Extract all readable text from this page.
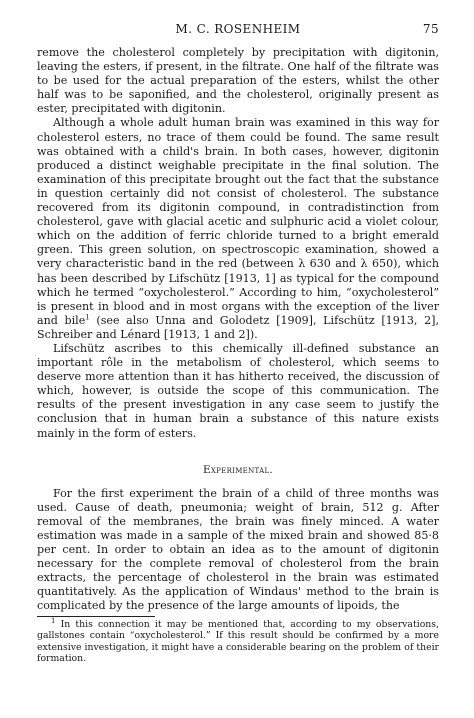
M. C. ROSENHEIM	75

remove the cholesterol completely by precipitation with digitonin, leaving the esters, if present, in the filtrate. One half of the filtrate was to be used for the actual preparation of the esters, whilst the other half was to be saponified, and the cholesterol, originally present as ester, precipitated with digitonin.

Although a whole adult human brain was examined in this way for cholesterol esters, no trace of them could be found. The same result was obtained with a child's brain. In both cases, however, digitonin produced a distinct weighable precipitate in the final solution. The examination of this precipitate brought out the fact that the substance in question certainly did not consist of cholesterol. The substance recovered from its digitonin compound, in contradistinction from cholesterol, gave with glacial acetic and sulphuric acid a violet colour, which on the addition of ferric chloride turned to a bright emerald green. This green solution, on spectroscopic examination, showed a very characteristic band in the red (between λ 630 and λ 650), which has been described by Lifschütz [1913, 1] as typical for the compound which he termed “oxycholesterol.” According to him, “oxycholesterol” is present in blood and in most organs with the exception of the liver and bile$^1$ (see also Unna and Golodetz [1909], Lifschütz [1913, 2], Schreiber and Lénard [1913, 1 and 2]).

Lifschütz ascribes to this chemically ill-defined substance an important rôle in the metabolism of cholesterol, which seems to deserve more attention than it has hitherto received, the discussion of which, however, is outside the scope of this communication. The results of the present investigation in any case seem to justify the conclusion that in human brain a substance of this nature exists mainly in the form of esters.

Experimental.

For the first experiment the brain of a child of three months was used. Cause of death, pneumonia; weight of brain, 512 g. After removal of the membranes, the brain was finely minced. A water estimation was made in a sample of the mixed brain and showed 85·8 per cent. In order to obtain an idea as to the amount of digitonin necessary for the complete removal of cholesterol from the brain extracts, the percentage of cholesterol in the brain was estimated quantitatively. As the application of Windaus' method to the brain is complicated by the presence of the large amounts of lipoids, the

$^1$ In this connection it may be mentioned that, according to my observations, gallstones contain “oxycholesterol.” If this result should be confirmed by a more extensive investigation, it might have a considerable bearing on the problem of their formation.
